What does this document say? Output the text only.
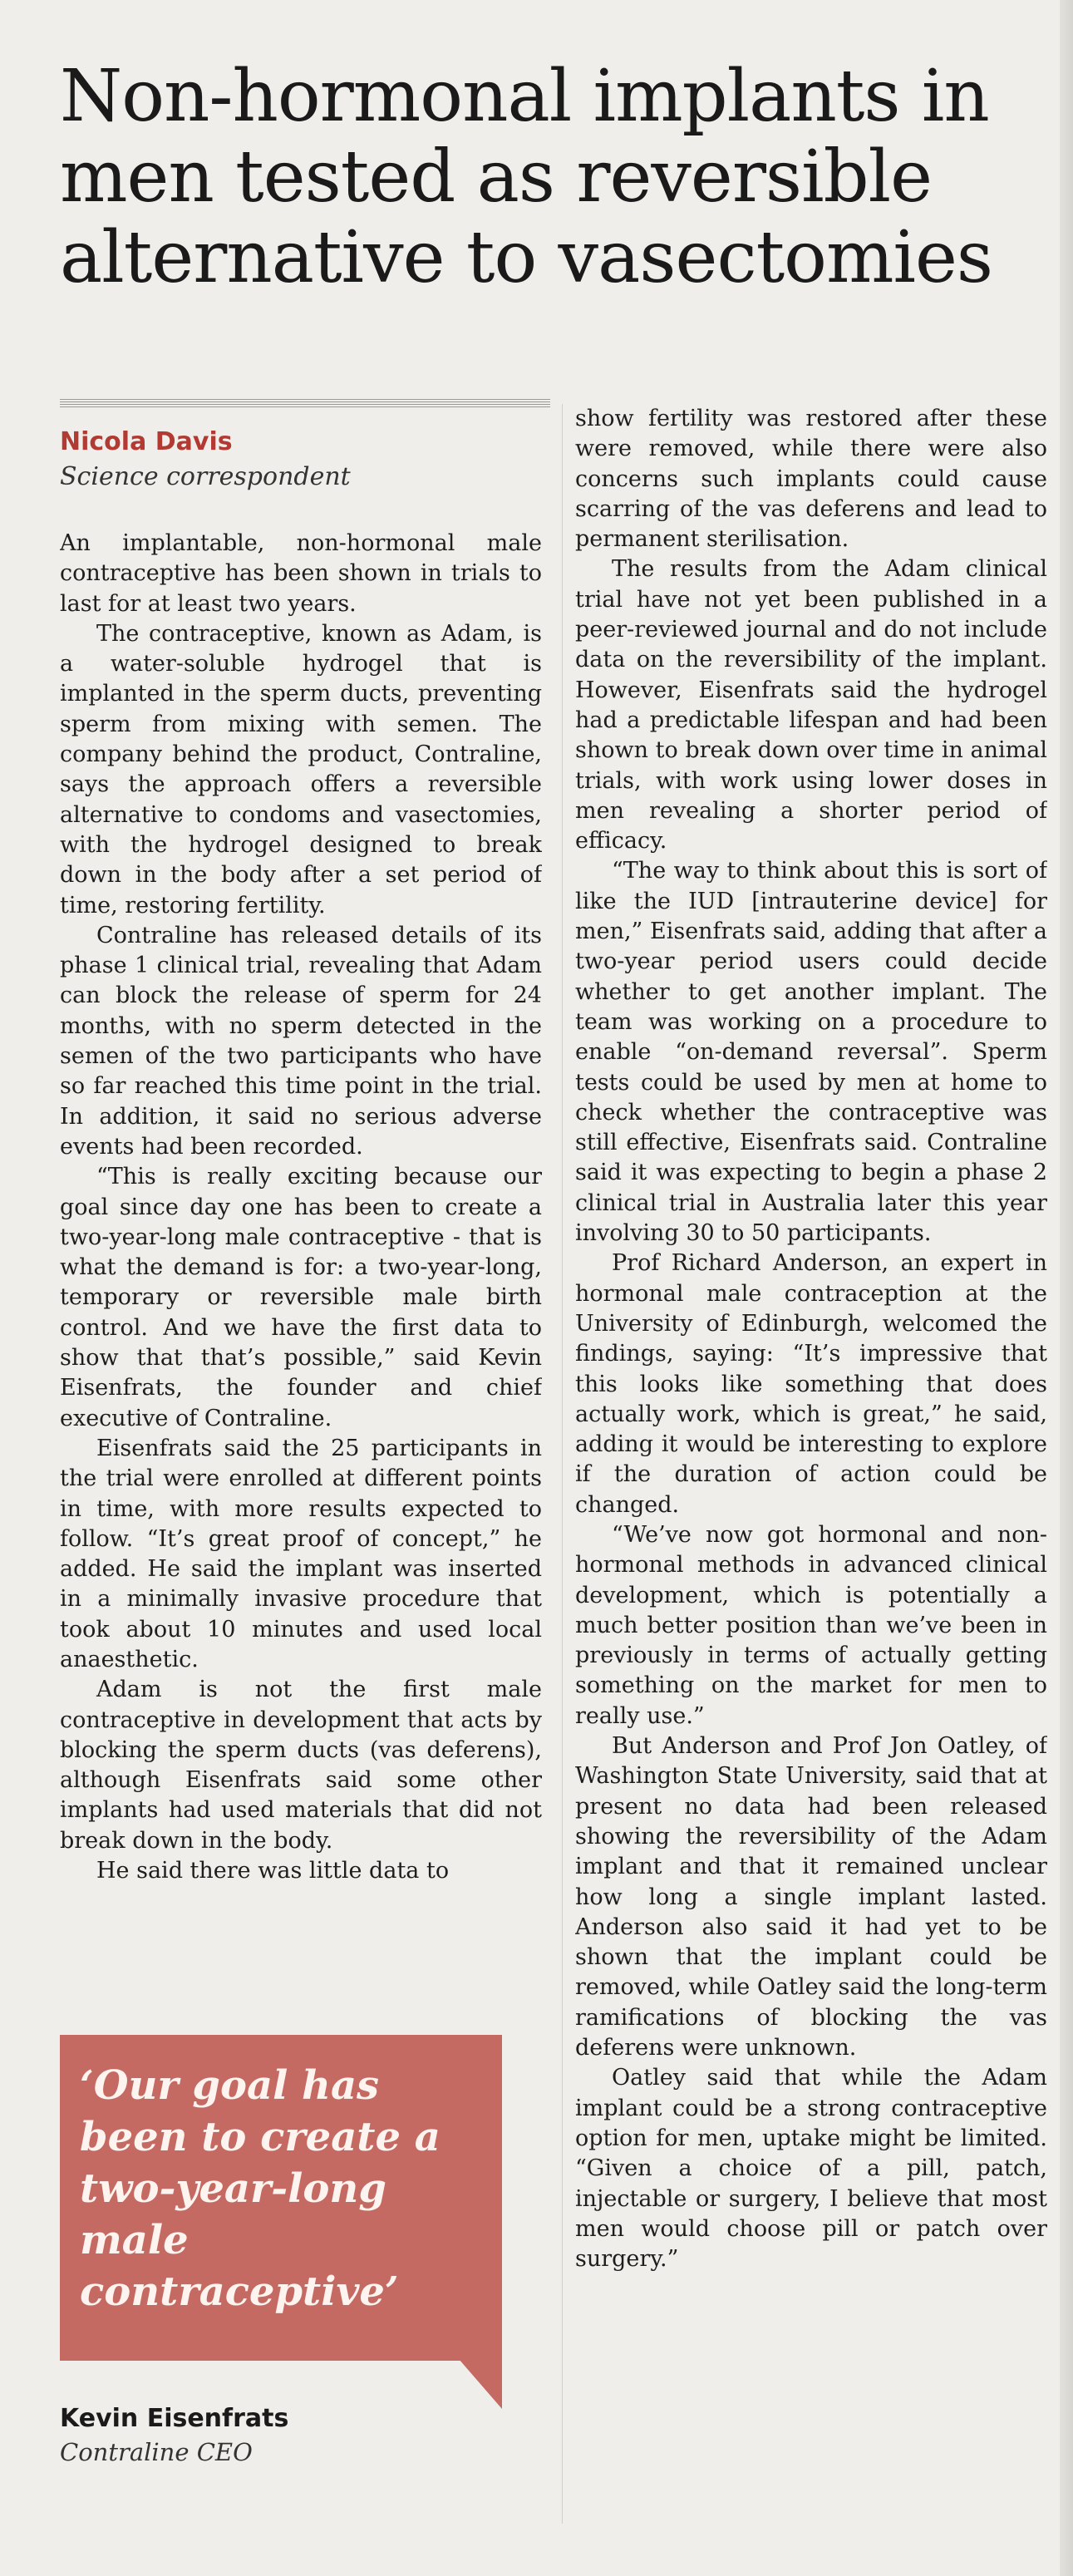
Non-hormonal implants in
men tested as reversible
alternative to vasectomies
Nicola Davis
Science correspondent

An implantable, non-hormonal male contraceptive has been shown in trials to last for at least two years.

The contraceptive, known as Adam, is a water-soluble hydrogel that is implanted in the sperm ducts, preventing sperm from mixing with semen. The company behind the product, Contraline, says the approach offers a reversible alternative to condoms and vasectomies, with the hydrogel designed to break down in the body after a set period of time, restoring fertility.

Contraline has released details of its phase 1 clinical trial, revealing that Adam can block the release of sperm for 24 months, with no sperm detected in the semen of the two participants who have so far reached this time point in the trial. In addition, it said no serious adverse events had been recorded.

“This is really exciting because our goal since day one has been to create a two-year-long male contraceptive - that is what the demand is for: a two-year-long, temporary or reversible male birth control. And we have the first data to show that that’s possible,” said Kevin Eisenfrats, the founder and chief executive of Contraline.

Eisenfrats said the 25 participants in the trial were enrolled at different points in time, with more results expected to follow. “It’s great proof of concept,” he added. He said the implant was inserted in a minimally invasive procedure that took about 10 minutes and used local anaesthetic.

Adam is not the first male contraceptive in development that acts by blocking the sperm ducts (vas deferens), although Eisenfrats said some other implants had used materials that did not break down in the body.

He said there was little data to

show fertility was restored after these were removed, while there were also concerns such implants could cause scarring of the vas deferens and lead to permanent sterilisation.

The results from the Adam clinical trial have not yet been published in a peer-reviewed journal and do not include data on the reversibility of the implant. However, Eisenfrats said the hydrogel had a predictable lifespan and had been shown to break down over time in animal trials, with work using lower doses in men revealing a shorter period of efficacy.

“The way to think about this is sort of like the IUD [intrauterine device] for men,” Eisenfrats said, adding that after a two-year period users could decide whether to get another implant. The team was working on a procedure to enable “on-demand reversal”. Sperm tests could be used by men at home to check whether the contraceptive was still effective, Eisenfrats said. Contraline said it was expecting to begin a phase 2 clinical trial in Australia later this year involving 30 to 50 participants.

Prof Richard Anderson, an expert in hormonal male contraception at the University of Edinburgh, welcomed the findings, saying: “It’s impressive that this looks like something that does actually work, which is great,” he said, adding it would be interesting to explore if the duration of action could be changed.

“We’ve now got hormonal and non-hormonal methods in advanced clinical development, which is potentially a much better position than we’ve been in previously in terms of actually getting something on the market for men to really use.”

But Anderson and Prof Jon Oatley, of Washington State University, said that at present no data had been released showing the reversibility of the Adam implant and that it remained unclear how long a single implant lasted. Anderson also said it had yet to be shown that the implant could be removed, while Oatley said the long-term ramifications of blocking the vas deferens were unknown.

Oatley said that while the Adam implant could be a strong contraceptive option for men, uptake might be limited. “Given a choice of a pill, patch, injectable or surgery, I believe that most men would choose pill or patch over surgery.”

‘Our goal has been to create a two-year-long male contraceptive’
Kevin Eisenfrats
Contraline CEO
